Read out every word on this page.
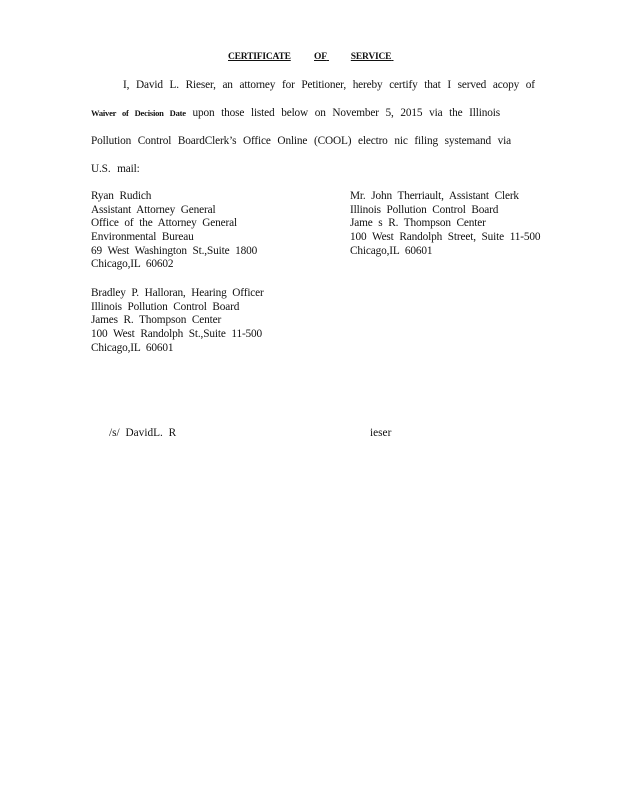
CERTIFICATE OF	SERVICE
I, David L. Rieser, an attorney for Petitioner, hereby certify that I served acopy of
Waiver of Decision Date upon those listed below on November 5, 2015 via the Illinois
Pollution Control BoardClerk’s Office Online (COOL) electro nic filing systemand via
U.S. mail:
Ryan Rudich
Assistant Attorney General
Office of the Attorney General
Environmental Bureau
69 West Washington St.,Suite 1800
Chicago,IL 60602
Mr. John Therriault, Assistant Clerk
Illinois Pollution Control Board
Jame s R. Thompson Center
100 West Randolph Street, Suite 11-500
Chicago,IL 60601
Bradley P. Halloran, Hearing Officer
Illinois Pollution Control Board
James R. Thompson Center
100 West Randolph St.,Suite 11-500
Chicago,IL 60601
/s/ DavidL. R	ieser
